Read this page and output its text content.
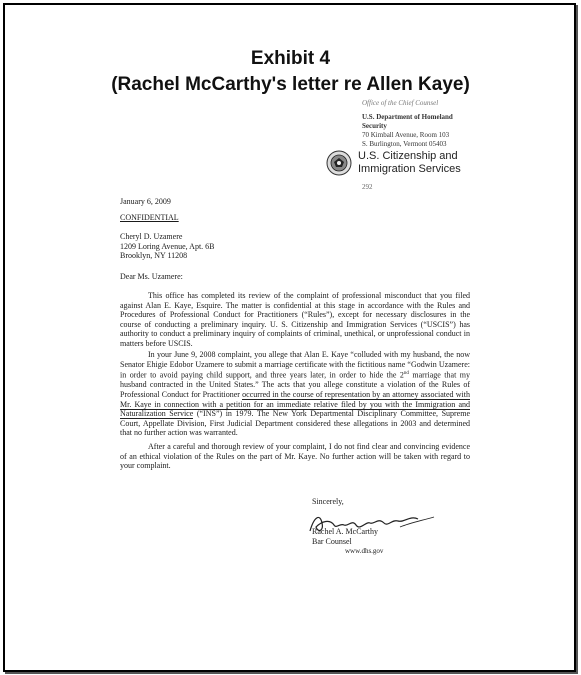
Exhibit 4
(Rachel McCarthy's letter re Allen Kaye)
Office of the Chief Counsel
U.S. Department of Homeland
Security
70 Kimball Avenue, Room 103
S. Burlington, Vermont 05403
U.S. Citizenship and
Immigration Services
292
January 6, 2009
CONFIDENTIAL
Cheryl D. Uzamere
1209 Loring Avenue, Apt. 6B
Brooklyn, NY 11208
Dear Ms. Uzamere:
This office has completed its review of the complaint of professional misconduct that you filed against Alan E. Kaye, Esquire. The matter is confidential at this stage in accordance with the Rules and Procedures of Professional Conduct for Practitioners (“Rules”), except for necessary disclosures in the course of conducting a preliminary inquiry. U. S. Citizenship and Immigration Services (“USCIS”) has authority to conduct a preliminary inquiry of complaints of criminal, unethical, or unprofessional conduct in matters before USCIS.
In your June 9, 2008 complaint, you allege that Alan E. Kaye “colluded with my husband, the now Senator Ehigie Edobor Uzamere to submit a marriage certificate with the fictitious name “Godwin Uzamere: in order to avoid paying child support, and three years later, in order to hide the 2nd marriage that my husband contracted in the United States.” The acts that you allege constitute a violation of the Rules of Professional Conduct for Practitioner occurred in the course of representation by an attorney associated with Mr. Kaye in connection with a petition for an immediate relative filed by you with the Immigration and Naturalization Service (“INS”) in 1979. The New York Departmental Disciplinary Committee, Supreme Court, Appellate Division, First Judicial Department considered these allegations in 2003 and determined that no further action was warranted.
After a careful and thorough review of your complaint, I do not find clear and convincing evidence of an ethical violation of the Rules on the part of Mr. Kaye. No further action will be taken with regard to your complaint.
Sincerely,
Rachel A. McCarthy
Bar Counsel
www.dhs.gov
